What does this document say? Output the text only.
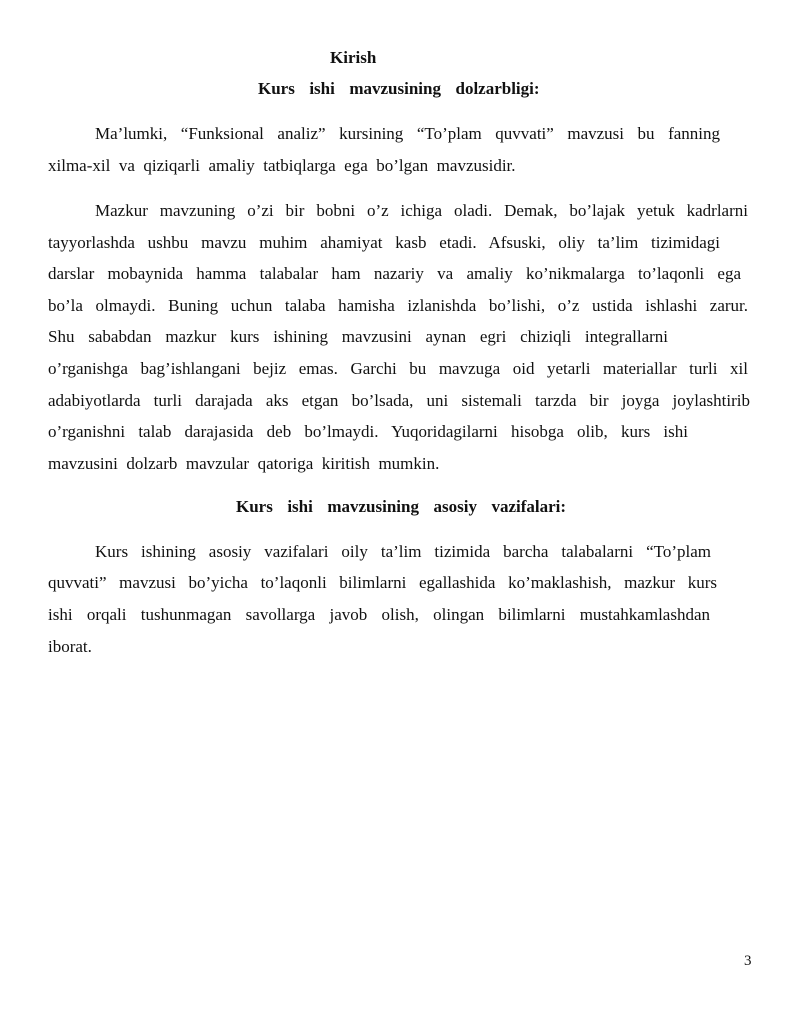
Kirish
Kurs  ishi  mavzusining  dolzarbligi:
Ma’lumki, “Funksional analiz” kursining “To’plam quvvati” mavzusi bu fanning
xilma-xil  va  qiziqarli  amaliy  tatbiqlarga  ega  bo’lgan  mavzusidir.
Mazkur mavzuning o’zi bir bobni o’z ichiga oladi. Demak, bo’lajak yetuk kadrlarni
tayyorlashda ushbu mavzu muhim ahamiyat kasb etadi. Afsuski, oliy ta’lim tizimidagi
darslar mobaynida hamma talabalar ham nazariy va amaliy ko’nikmalarga to’laqonli ega
bo’la olmaydi. Buning uchun talaba hamisha izlanishda bo’lishi, o’z ustida ishlashi zarur.
Shu sababdan mazkur kurs ishining mavzusini aynan egri chiziqli integrallarni
o’rganishga bag’ishlangani bejiz emas. Garchi bu mavzuga oid yetarli materiallar turli xil
adabiyotlarda turli darajada aks etgan bo’lsada, uni sistemali tarzda bir joyga joylashtirib
o’rganishni talab darajasida deb bo’lmaydi. Yuqoridagilarni hisobga olib, kurs ishi
mavzusini  dolzarb  mavzular  qatoriga  kiritish  mumkin.
Kurs  ishi  mavzusining  asosiy  vazifalari:
Kurs ishining asosiy vazifalari oily ta’lim tizimida barcha talabalarni “To’plam
quvvati” mavzusi bo’yicha to’laqonli bilimlarni egallashida ko’maklashish, mazkur kurs
ishi orqali tushunmagan savollarga javob olish, olingan bilimlarni mustahkamlashdan
iborat.
3
